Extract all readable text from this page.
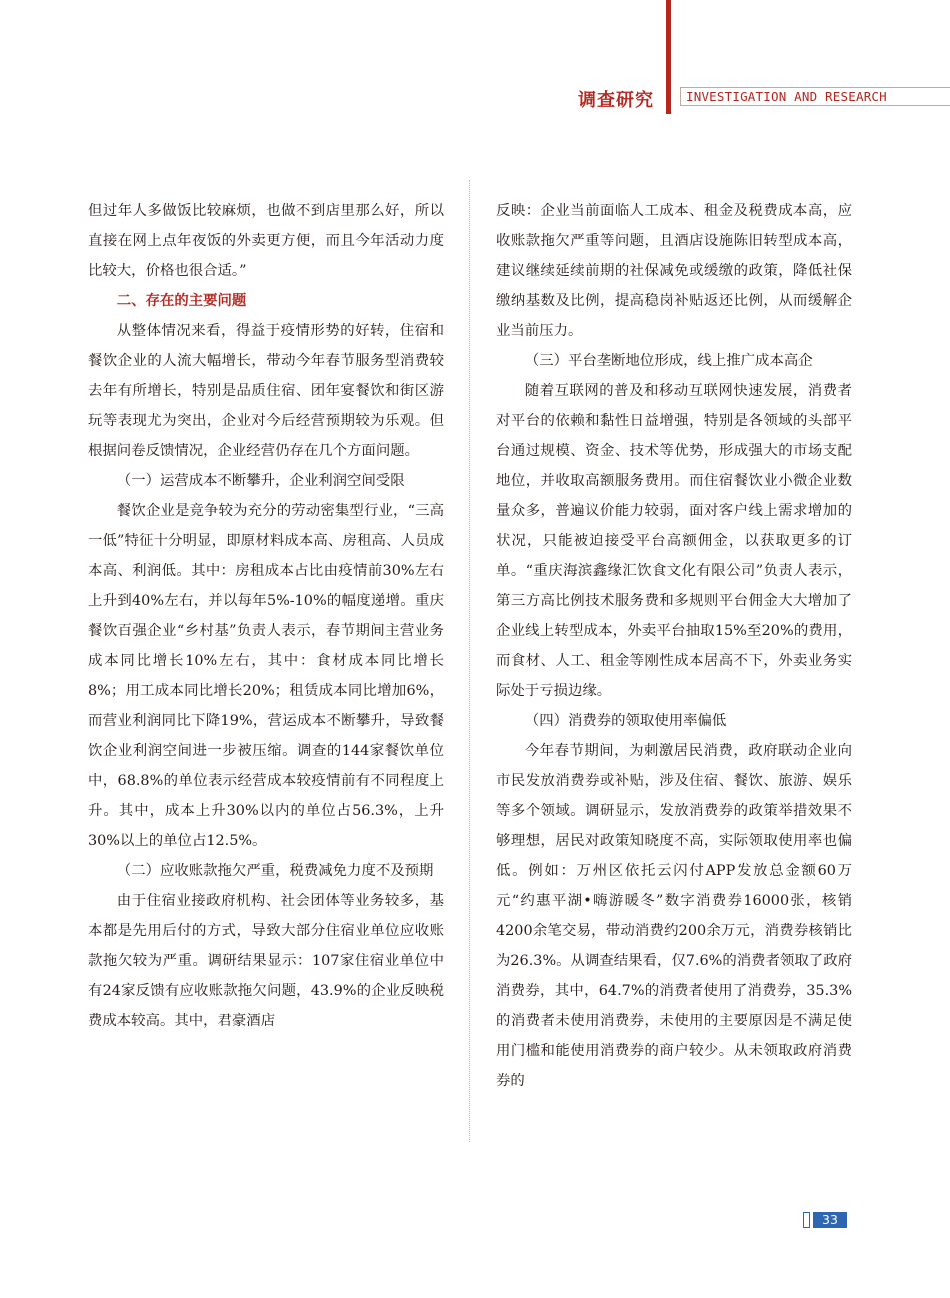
调查研究	INVESTIGATION AND RESEARCH

但过年人多做饭比较麻烦，也做不到店里那么好，所以直接在网上点年夜饭的外卖更方便，而且今年活动力度比较大，价格也很合适。”

二、存在的主要问题

从整体情况来看，得益于疫情形势的好转，住宿和餐饮企业的人流大幅增长，带动今年春节服务型消费较去年有所增长，特别是品质住宿、团年宴餐饮和街区游玩等表现尤为突出，企业对今后经营预期较为乐观。但根据问卷反馈情况，企业经营仍存在几个方面问题。

（一）运营成本不断攀升，企业利润空间受限

餐饮企业是竞争较为充分的劳动密集型行业，“三高一低”特征十分明显，即原材料成本高、房租高、人员成本高、利润低。其中：房租成本占比由疫情前30%左右上升到40%左右，并以每年5%-10%的幅度递增。重庆餐饮百强企业“乡村基”负责人表示，春节期间主营业务成本同比增长10%左右，其中：食材成本同比增长8%；用工成本同比增长20%；租赁成本同比增加6%，而营业利润同比下降19%，营运成本不断攀升，导致餐饮企业利润空间进一步被压缩。调查的144家餐饮单位中，68.8%的单位表示经营成本较疫情前有不同程度上升。其中，成本上升30%以内的单位占56.3%，上升30%以上的单位占12.5%。

（二）应收账款拖欠严重，税费减免力度不及预期

由于住宿业接政府机构、社会团体等业务较多，基本都是先用后付的方式，导致大部分住宿业单位应收账款拖欠较为严重。调研结果显示：107家住宿业单位中有24家反馈有应收账款拖欠问题，43.9%的企业反映税费成本较高。其中，君豪酒店

反映：企业当前面临人工成本、租金及税费成本高，应收账款拖欠严重等问题，且酒店设施陈旧转型成本高，建议继续延续前期的社保减免或缓缴的政策，降低社保缴纳基数及比例，提高稳岗补贴返还比例，从而缓解企业当前压力。

（三）平台垄断地位形成，线上推广成本高企

随着互联网的普及和移动互联网快速发展，消费者对平台的依赖和黏性日益增强，特别是各领域的头部平台通过规模、资金、技术等优势，形成强大的市场支配地位，并收取高额服务费用。而住宿餐饮业小微企业数量众多，普遍议价能力较弱，面对客户线上需求增加的状况，只能被迫接受平台高额佣金，以获取更多的订单。“重庆海滨鑫缘汇饮食文化有限公司”负责人表示，第三方高比例技术服务费和多规则平台佣金大大增加了企业线上转型成本，外卖平台抽取15%至20%的费用，而食材、人工、租金等刚性成本居高不下，外卖业务实际处于亏损边缘。

（四）消费券的领取使用率偏低

今年春节期间，为刺激居民消费，政府联动企业向市民发放消费券或补贴，涉及住宿、餐饮、旅游、娱乐等多个领域。调研显示，发放消费券的政策举措效果不够理想，居民对政策知晓度不高，实际领取使用率也偏低。例如：万州区依托云闪付APP发放总金额60万元“约惠平湖•嗨游暖冬”数字消费券16000张，核销4200余笔交易，带动消费约200余万元，消费券核销比为26.3%。从调查结果看，仅7.6%的消费者领取了政府消费券，其中，64.7%的消费者使用了消费券，35.3%的消费者未使用消费券，未使用的主要原因是不满足使用门槛和能使用消费券的商户较少。从未领取政府消费券的

33
